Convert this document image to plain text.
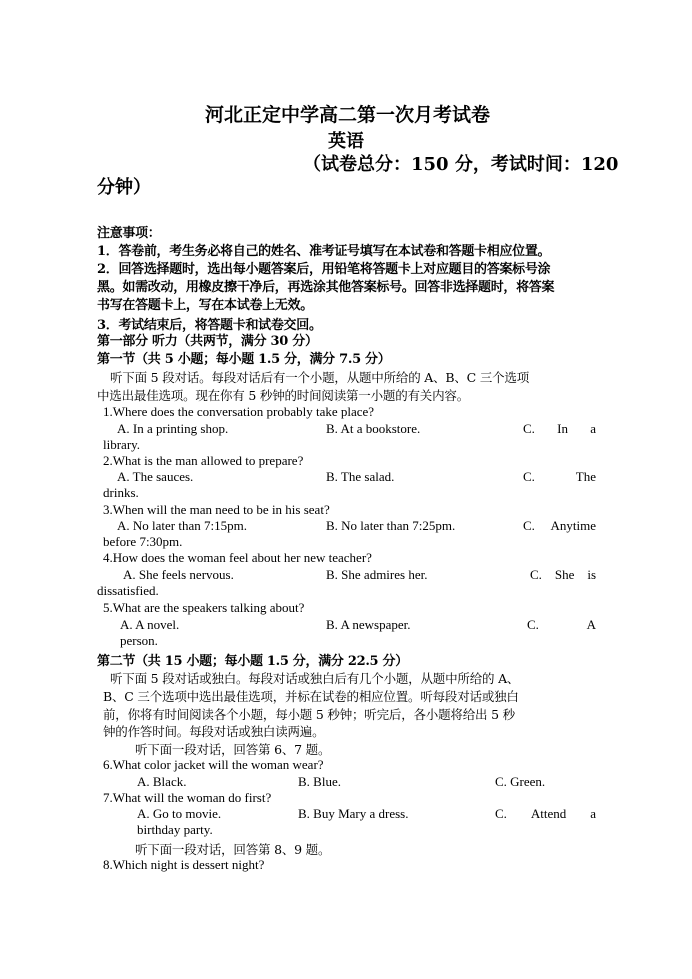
河北正定中学高二第一次月考试卷
英语
（试卷总分：150 分，考试时间：120
分钟）
注意事项：
1．答卷前，考生务必将自己的姓名、准考证号填写在本试卷和答题卡相应位置。
2．回答选择题时，选出每小题答案后，用铅笔将答题卡上对应题目的答案标号涂
黑。如需改动，用橡皮擦干净后，再选涂其他答案标号。回答非选择题时，将答案
书写在答题卡上，写在本试卷上无效。
3．考试结束后，将答题卡和试卷交回。
第一部分 听力（共两节，满分 30 分）
第一节（共 5 小题；每小题 1.5 分，满分 7.5 分）
听下面 5 段对话。每段对话后有一个小题，从题中所给的 A、B、C 三个选项
中选出最佳选项。现在你有 5 秒钟的时间阅读第一小题的有关内容。
1.Where does the conversation probably take place?
A. In a printing shop.	B. At a bookstore.	C. In a
library.
2.What is the man allowed to prepare?
A. The sauces.	B. The salad.	C.	The
drinks.
3.When will the man need to be in his seat?
A. No later than 7:15pm.	B. No later than 7:25pm.	C. Anytime
before 7:30pm.
4.How does the woman feel about her new teacher?
A. She feels nervous.	B. She admires her.	C. She is
dissatisfied.
5.What are the speakers talking about?
A. A novel.	B. A newspaper.	C.	A
person.
第二节（共 15 小题；每小题 1.5 分，满分 22.5 分）
听下面 5 段对话或独白。每段对话或独白后有几个小题，从题中所给的 A、
B、C 三个选项中选出最佳选项，并标在试卷的相应位置。听每段对话或独白
前，你将有时间阅读各个小题，每小题 5 秒钟；听完后，各小题将给出 5 秒
钟的作答时间。每段对话或独白读两遍。
听下面一段对话，回答第 6、7 题。
6.What color jacket will the woman wear?
A. Black.	B. Blue.	C. Green.
7.What will the woman do first?
A. Go to movie.	B. Buy Mary a dress.	C. Attend a
birthday party.
听下面一段对话，回答第 8、9 题。
8.Which night is dessert night?
